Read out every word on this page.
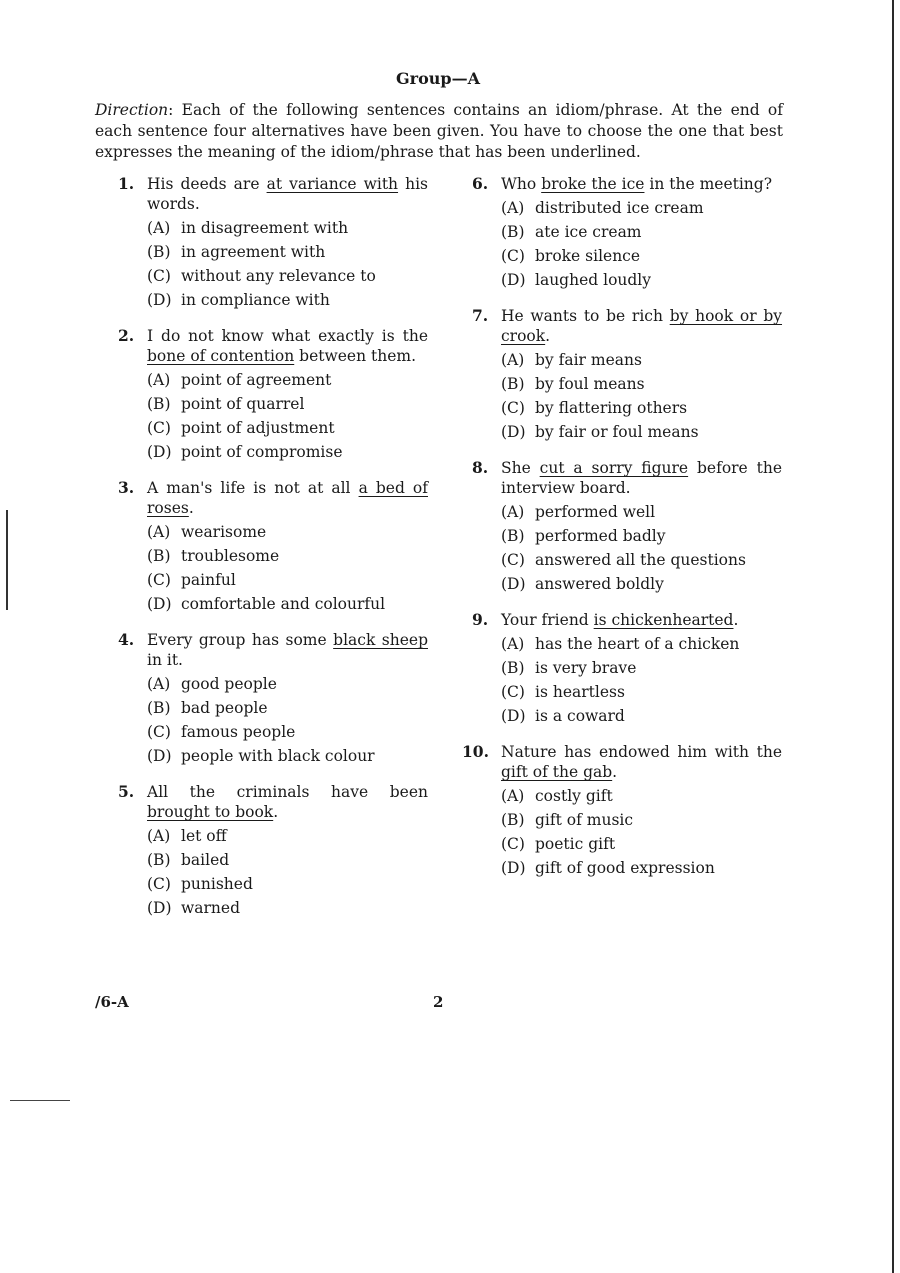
Group—A
Direction: Each of the following sentences contains an idiom/phrase. At the end of each sentence four alternatives have been given. You have to choose the one that best expresses the meaning of the idiom/phrase that has been underlined.
1. His deeds are at variance with his words.
(A) in disagreement with
(B) in agreement with
(C) without any relevance to
(D) in compliance with
2. I do not know what exactly is the bone of contention between them.
(A) point of agreement
(B) point of quarrel
(C) point of adjustment
(D) point of compromise
3. A man's life is not at all a bed of roses.
(A) wearisome
(B) troublesome
(C) painful
(D) comfortable and colourful
4. Every group has some black sheep in it.
(A) good people
(B) bad people
(C) famous people
(D) people with black colour
5. All the criminals have been brought to book.
(A) let off
(B) bailed
(C) punished
(D) warned
6. Who broke the ice in the meeting?
(A) distributed ice cream
(B) ate ice cream
(C) broke silence
(D) laughed loudly
7. He wants to be rich by hook or by crook.
(A) by fair means
(B) by foul means
(C) by flattering others
(D) by fair or foul means
8. She cut a sorry figure before the interview board.
(A) performed well
(B) performed badly
(C) answered all the questions
(D) answered boldly
9. Your friend is chickenhearted.
(A) has the heart of a chicken
(B) is very brave
(C) is heartless
(D) is a coward
10. Nature has endowed him with the gift of the gab.
(A) costly gift
(B) gift of music
(C) poetic gift
(D) gift of good expression
/6-A	2
